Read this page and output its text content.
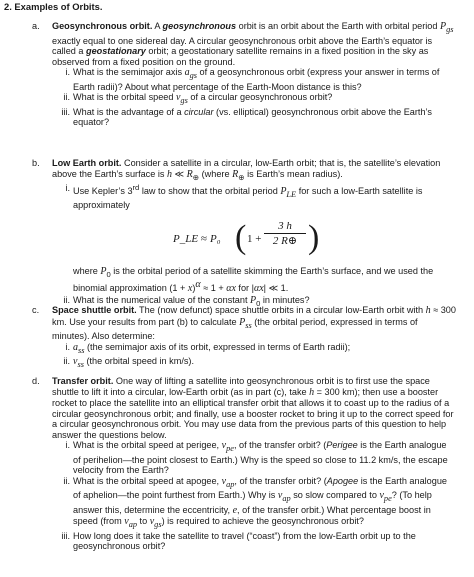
2. Examples of Orbits.
a. Geosynchronous orbit. A geosynchronous orbit is an orbit about the Earth with orbital period $P_{gs}$ exactly equal to one sidereal day. A circular geosynchronous orbit above the Earth’s equator is called a geostationary orbit; a geostationary satellite remains in a fixed position in the sky as observed from a fixed position on the ground.
i. What is the semimajor axis $a_{gs}$ of a geosynchronous orbit (express your answer in terms of Earth radii)? About what percentage of the Earth-Moon distance is this?
ii. What is the orbital speed $v_{gs}$ of a circular geosynchronous orbit?
iii. What is the advantage of a circular (vs. elliptical) geosynchronous orbit above the Earth’s equator?
b. Low Earth orbit. Consider a satellite in a circular, low-Earth orbit; that is, the satellite’s elevation above the Earth’s surface is h ≪ $R_\oplus$ (where $R_\oplus$ is Earth’s mean radius).
i. Use Kepler’s 3rd law to show that the orbital period $P_{LE}$ for such a low-Earth satellite is approximately
P_LE ≈ P₀ ( $1 + \frac{3 h}{2 R\oplus}$ )
where $P_0$ is the orbital period of a satellite skimming the Earth’s surface, and we used the binomial approximation $(1 + x)^\alpha \approx 1 + \alpha x$ for |αx| ≪ 1.
ii. What is the numerical value of the constant $P_0$ in minutes?
c. Space shuttle orbit. The (now defunct) space shuttle orbits in a circular low-Earth orbit with h ≈ 300 km. Use your results from part (b) to calculate $P_{ss}$ (the orbital period, expressed in terms of minutes). Also determine:
i. $a_{ss}$ (the semimajor axis of its orbit, expressed in terms of Earth radii);
ii. $v_{ss}$ (the orbital speed in km/s).
d. Transfer orbit. One way of lifting a satellite into geosynchronous orbit is to first use the space shuttle to lift it into a circular, low-Earth orbit (as in part (c), take h = 300 km); then use a booster rocket to place the satellite into an elliptical transfer orbit that allows it to coast up to the radius of a circular geosynchronous orbit; and finally, use a booster rocket to bring it up to the correct speed for a circular geosynchronous orbit. You may use data from the previous parts of this question to help answer the questions below.
i. What is the orbital speed at perigee, $v_{pe}$, of the transfer orbit? (Perigee is the Earth analogue of perihelion—the point closest to Earth.) Why is the speed so close to 11.2 km/s, the escape velocity from the Earth?
ii. What is the orbital speed at apogee, $v_{ap}$, of the transfer orbit? (Apogee is the Earth analogue of aphelion—the point furthest from Earth.) Why is $v_{ap}$ so slow compared to $v_{pe}$? (To help answer this, determine the eccentricity, e, of the transfer orbit.) What percentage boost in speed (from $v_{ap}$ to $v_{gs}$) is required to achieve the geosynchronous orbit?
iii. How long does it take the satellite to travel (“coast”) from the low-Earth orbit up to the geosynchronous orbit?
